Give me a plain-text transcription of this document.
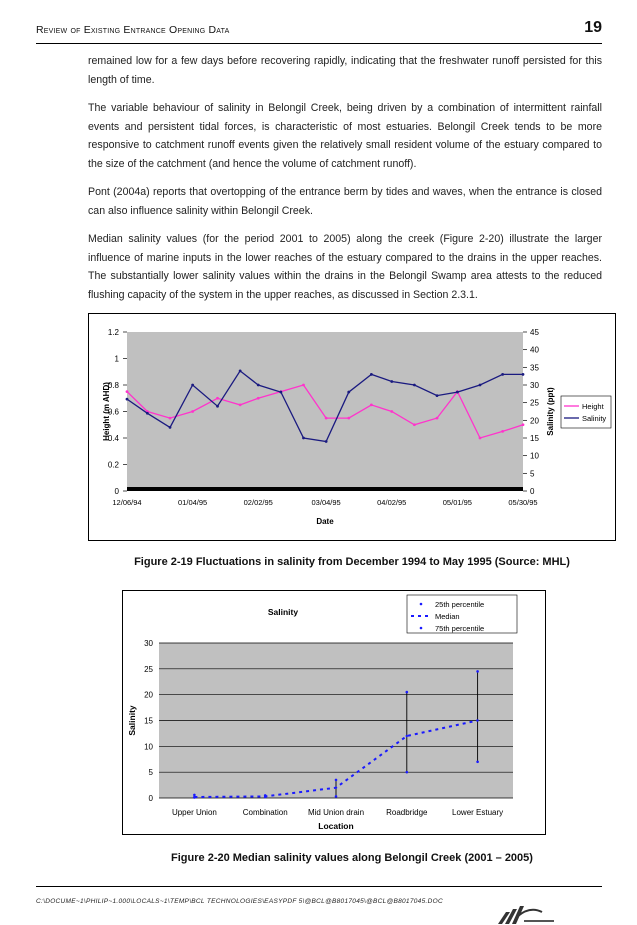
Review of Existing Entrance Opening Data	19

remained low for a few days before recovering rapidly, indicating that the freshwater runoff persisted for this length of time.

The variable behaviour of salinity in Belongil Creek, being driven by a combination of intermittent rainfall events and persistent tidal forces, is characteristic of most estuaries. Belongil Creek tends to be more responsive to catchment runoff events given the relatively small resident volume of the estuary compared to the size of the catchment (and hence the volume of catchment runoff).

Pont (2004a) reports that overtopping of the entrance berm by tides and waves, when the entrance is closed can also influence salinity within Belongil Creek.

Median salinity values (for the period 2001 to 2005) along the creek (Figure 2-20) illustrate the larger influence of marine inputs in the lower reaches of the estuary compared to the drains in the upper reaches. The substantially lower salinity values within the drains in the Belongil Swamp area attests to the reduced flushing capacity of the system in the upper reaches, as discussed in Section 2.3.1.

0
0.2
0.4
0.6
0.8
1
1.2
0
5
10
15
20
25
30
35
40
45
12/06/94	01/04/95	02/02/95	03/04/95	04/02/95	05/01/95	05/30/95
Date
Height (m AHD)	Salinity (ppt)	Height
Salinity
Figure 2-19 Fluctuations in salinity from December 1994 to May 1995 (Source: MHL)
0
5
10
15
20
25
30
Upper Union	Combination	Mid Union drain	Roadbridge	Lower Estuary
Salinity
Location
Salinity
25th percentile
Median
75th percentile
Figure 2-20 Median salinity values along Belongil Creek (2001 – 2005)
C:\DOCUME~1\PHILIP~1.000\LOCALS~1\TEMP\BCL TECHNOLOGIES\EASYPDF 5\@BCL@B8017045\@BCL@B8017045.DOC
